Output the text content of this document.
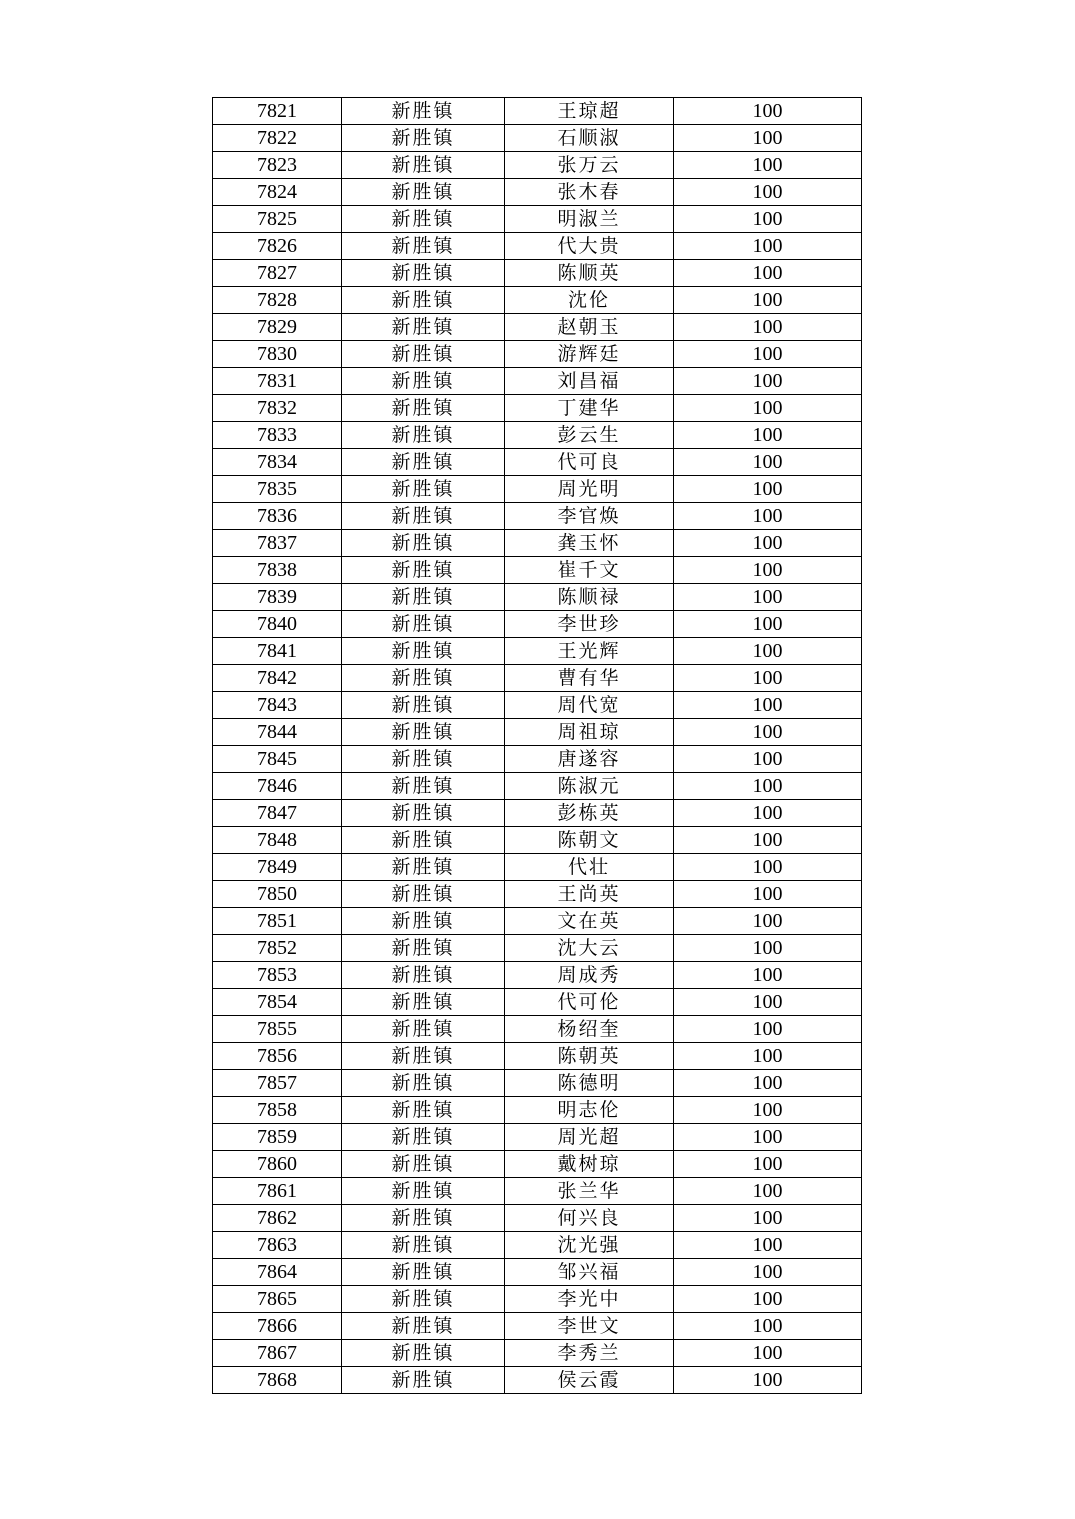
7821	新胜镇	王琼超	100
7822	新胜镇	石顺淑	100
7823	新胜镇	张万云	100
7824	新胜镇	张木春	100
7825	新胜镇	明淑兰	100
7826	新胜镇	代大贵	100
7827	新胜镇	陈顺英	100
7828	新胜镇	沈伦	100
7829	新胜镇	赵朝玉	100
7830	新胜镇	游辉廷	100
7831	新胜镇	刘昌福	100
7832	新胜镇	丁建华	100
7833	新胜镇	彭云生	100
7834	新胜镇	代可良	100
7835	新胜镇	周光明	100
7836	新胜镇	李官焕	100
7837	新胜镇	龚玉怀	100
7838	新胜镇	崔千文	100
7839	新胜镇	陈顺禄	100
7840	新胜镇	李世珍	100
7841	新胜镇	王光辉	100
7842	新胜镇	曹有华	100
7843	新胜镇	周代宽	100
7844	新胜镇	周祖琼	100
7845	新胜镇	唐遂容	100
7846	新胜镇	陈淑元	100
7847	新胜镇	彭栋英	100
7848	新胜镇	陈朝文	100
7849	新胜镇	代壮	100
7850	新胜镇	王尚英	100
7851	新胜镇	文在英	100
7852	新胜镇	沈大云	100
7853	新胜镇	周成秀	100
7854	新胜镇	代可伦	100
7855	新胜镇	杨绍奎	100
7856	新胜镇	陈朝英	100
7857	新胜镇	陈德明	100
7858	新胜镇	明志伦	100
7859	新胜镇	周光超	100
7860	新胜镇	戴树琼	100
7861	新胜镇	张兰华	100
7862	新胜镇	何兴良	100
7863	新胜镇	沈光强	100
7864	新胜镇	邹兴福	100
7865	新胜镇	李光中	100
7866	新胜镇	李世文	100
7867	新胜镇	李秀兰	100
7868	新胜镇	侯云霞	100
